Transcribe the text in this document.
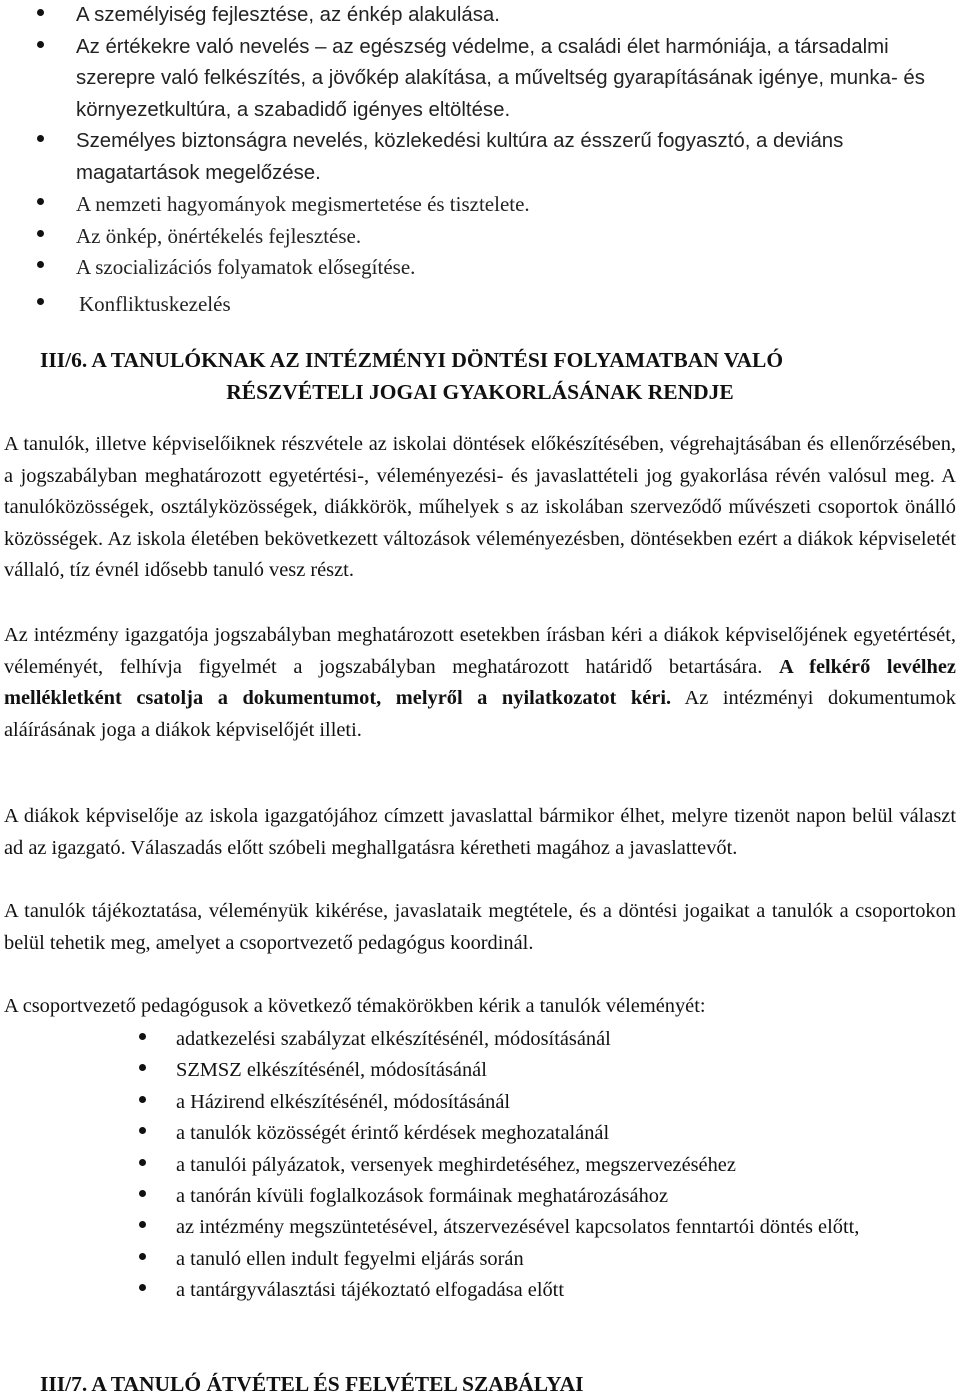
A személyiség fejlesztése, az énkép alakulása.
Az értékekre való nevelés – az egészség védelme, a családi élet harmóniája, a társadalmi szerepre való felkészítés, a jövőkép alakítása, a műveltség gyarapításának igénye, munka- és környezetkultúra, a szabadidő igényes eltöltése.
Személyes biztonságra nevelés, közlekedési kultúra az ésszerű fogyasztó, a deviáns magatartások megelőzése.
A nemzeti hagyományok megismertetése és tisztelete.
Az önkép, önértékelés fejlesztése.
A szocializációs folyamatok elősegítése.
Konfliktuskezelés

III/6. A TANULÓKNAK AZ INTÉZMÉNYI DÖNTÉSI FOLYAMATBAN VALÓ

RÉSZVÉTELI JOGAI GYAKORLÁSÁNAK RENDJE

A tanulók, illetve képviselőiknek részvétele az iskolai döntések előkészítésében, végrehajtásában és ellenőrzésében, a jogszabályban meghatározott egyetértési-, véleményezési- és javaslattételi jog gyakorlása révén valósul meg. A tanulóközösségek, osztályközösségek, diákkörök, műhelyek s az iskolában szerveződő művészeti csoportok önálló közösségek. Az iskola életében bekövetkezett változások véleményezésben, döntésekben ezért a diákok képviseletét vállaló, tíz évnél idősebb tanuló vesz részt.

Az intézmény igazgatója jogszabályban meghatározott esetekben írásban kéri a diákok képviselőjének egyetértését, véleményét, felhívja figyelmét a jogszabályban meghatározott határidő betartására. A felkérő levélhez mellékletként csatolja a dokumentumot, melyről a nyilatkozatot kéri. Az intézményi dokumentumok aláírásának joga a diákok képviselőjét illeti.

A diákok képviselője az iskola igazgatójához címzett javaslattal bármikor élhet, melyre tizenöt napon belül választ ad az igazgató. Válaszadás előtt szóbeli meghallgatásra kéretheti magához a javaslattevőt.

A tanulók tájékoztatása, véleményük kikérése, javaslataik megtétele, és a döntési jogaikat a tanulók a csoportokon belül tehetik meg, amelyet a csoportvezető pedagógus koordinál.

A csoportvezető pedagógusok a következő témakörökben kérik a tanulók véleményét:

adatkezelési szabályzat elkészítésénél, módosításánál
SZMSZ elkészítésénél, módosításánál
a Házirend elkészítésénél, módosításánál
a tanulók közösségét érintő kérdések meghozatalánál
a tanulói pályázatok, versenyek meghirdetéséhez, megszervezéséhez
a tanórán kívüli foglalkozások formáinak meghatározásához
az intézmény megszüntetésével, átszervezésével kapcsolatos fenntartói döntés előtt,
a tanuló ellen indult fegyelmi eljárás során
a tantárgyválasztási tájékoztató elfogadása előtt

III/7. A TANULÓ ÁTVÉTEL ÉS FELVÉTEL SZABÁLYAI
